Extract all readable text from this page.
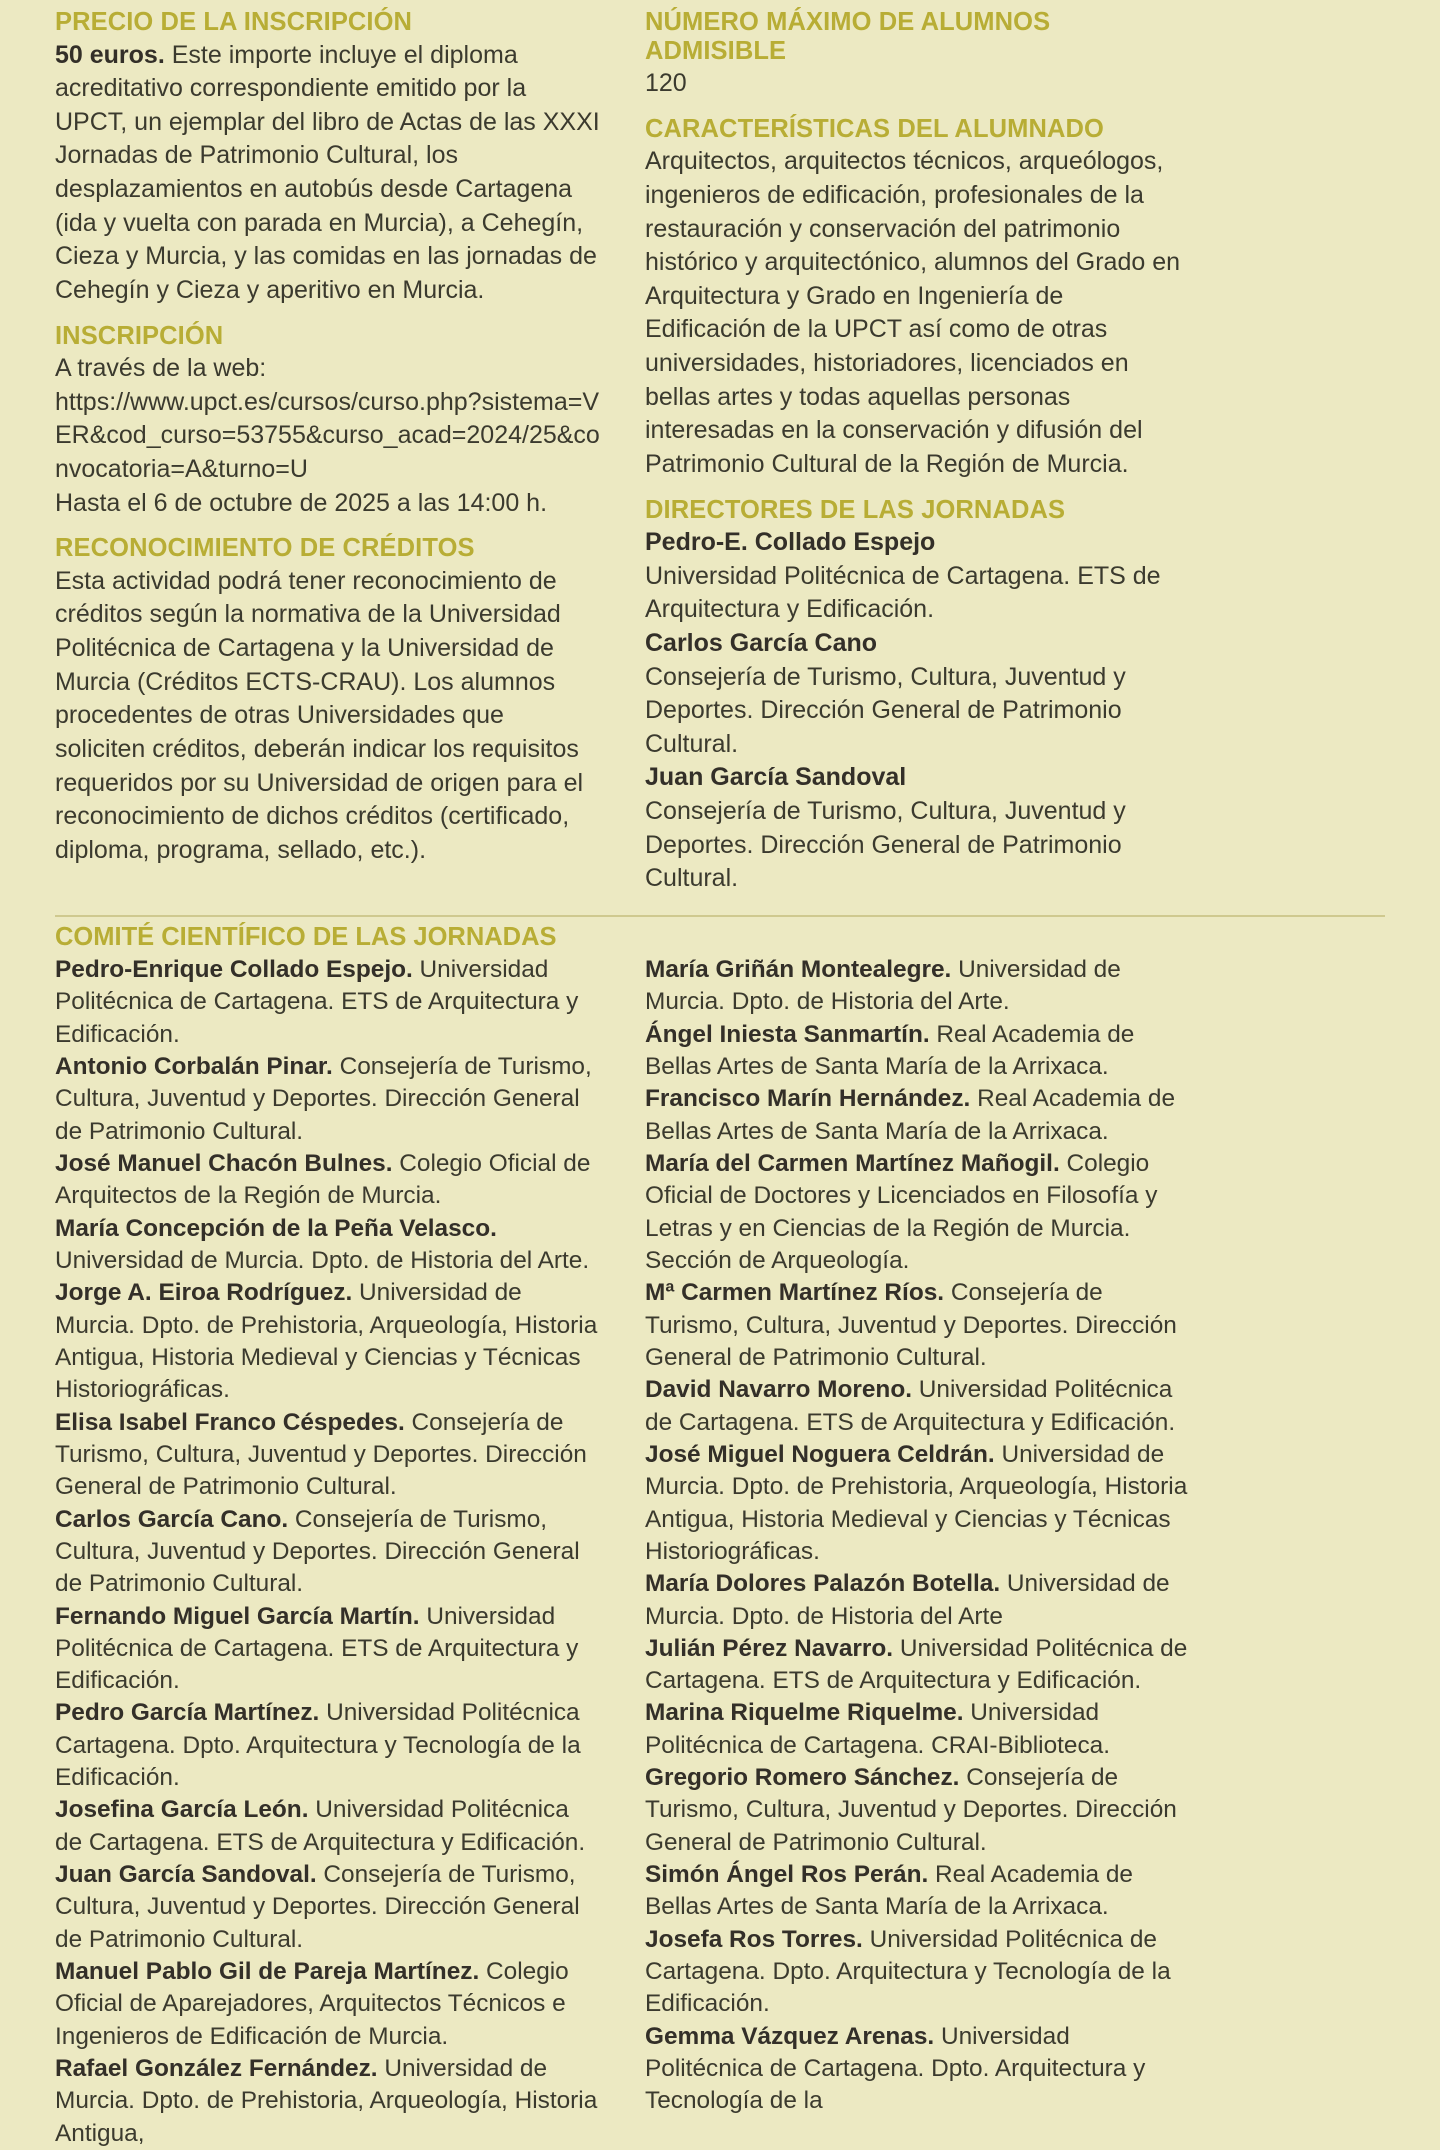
PRECIO DE LA INSCRIPCIÓN

50 euros. Este importe incluye el diploma acreditativo correspondiente emitido por la UPCT, un ejemplar del libro de Actas de las XXXI Jornadas de Patrimonio Cultural, los desplazamientos en autobús desde Cartagena (ida y vuelta con parada en Murcia), a Cehegín, Cieza y Murcia, y las comidas en las jornadas de Cehegín y Cieza y aperitivo en Murcia.

INSCRIPCIÓN

A través de la web:

https://www.upct.es/cursos/curso.php?sistema=VER&cod_curso=53755&curso_acad=2024/25&convocatoria=A&turno=U

Hasta el 6 de octubre de 2025 a las 14:00 h.

RECONOCIMIENTO DE CRÉDITOS

Esta actividad podrá tener reconocimiento de créditos según la normativa de la Universidad Politécnica de Cartagena y la Universidad de Murcia (Créditos ECTS-CRAU). Los alumnos procedentes de otras Universidades que soliciten créditos, deberán indicar los requisitos requeridos por su Universidad de origen para el reconocimiento de dichos créditos (certificado, diploma, programa, sellado, etc.).

NÚMERO MÁXIMO DE ALUMNOS ADMISIBLE

120

CARACTERÍSTICAS DEL ALUMNADO

Arquitectos, arquitectos técnicos, arqueólogos, ingenieros de edificación, profesionales de la restauración y conservación del patrimonio histórico y arquitectónico, alumnos del Grado en Arquitectura y Grado en Ingeniería de Edificación de la UPCT así como de otras universidades, historiadores, licenciados en bellas artes y todas aquellas personas interesadas en la conservación y difusión del Patrimonio Cultural de la Región de Murcia.

DIRECTORES DE LAS JORNADAS
Pedro-E. Collado Espejo
Universidad Politécnica de Cartagena. ETS de Arquitectura y Edificación.
Carlos García Cano
Consejería de Turismo, Cultura, Juventud y Deportes. Dirección General de Patrimonio Cultural.
Juan García Sandoval
Consejería de Turismo, Cultura, Juventud y Deportes. Dirección General de Patrimonio Cultural.
COMITÉ CIENTÍFICO DE LAS JORNADAS
Pedro-Enrique Collado Espejo. Universidad Politécnica de Cartagena. ETS de Arquitectura y Edificación.
Antonio Corbalán Pinar. Consejería de Turismo, Cultura, Juventud y Deportes. Dirección General de Patrimonio Cultural.
José Manuel Chacón Bulnes. Colegio Oficial de Arquitectos de la Región de Murcia.
María Concepción de la Peña Velasco. Universidad de Murcia. Dpto. de Historia del Arte.
Jorge A. Eiroa Rodríguez. Universidad de Murcia. Dpto. de Prehistoria, Arqueología, Historia Antigua, Historia Medieval y Ciencias y Técnicas Historiográficas.
Elisa Isabel Franco Céspedes. Consejería de Turismo, Cultura, Juventud y Deportes. Dirección General de Patrimonio Cultural.
Carlos García Cano. Consejería de Turismo, Cultura, Juventud y Deportes. Dirección General de Patrimonio Cultural.
Fernando Miguel García Martín. Universidad Politécnica de Cartagena. ETS de Arquitectura y Edificación.
Pedro García Martínez. Universidad Politécnica Cartagena. Dpto. Arquitectura y Tecnología de la Edificación.
Josefina García León. Universidad Politécnica de Cartagena. ETS de Arquitectura y Edificación.
Juan García Sandoval. Consejería de Turismo, Cultura, Juventud y Deportes. Dirección General de Patrimonio Cultural.
Manuel Pablo Gil de Pareja Martínez. Colegio Oficial de Aparejadores, Arquitectos Técnicos e Ingenieros de Edificación de Murcia.
Rafael González Fernández. Universidad de Murcia. Dpto. de Prehistoria, Arqueología, Historia Antigua,
María Griñán Montealegre. Universidad de Murcia. Dpto. de Historia del Arte.
Ángel Iniesta Sanmartín. Real Academia de Bellas Artes de Santa María de la Arrixaca.
Francisco Marín Hernández. Real Academia de Bellas Artes de Santa María de la Arrixaca.
María del Carmen Martínez Mañogil. Colegio Oficial de Doctores y Licenciados en Filosofía y Letras y en Ciencias de la Región de Murcia. Sección de Arqueología.
Mª Carmen Martínez Ríos. Consejería de Turismo, Cultura, Juventud y Deportes. Dirección General de Patrimonio Cultural.
David Navarro Moreno. Universidad Politécnica de Cartagena. ETS de Arquitectura y Edificación.
José Miguel Noguera Celdrán. Universidad de Murcia. Dpto. de Prehistoria, Arqueología, Historia Antigua, Historia Medieval y Ciencias y Técnicas Historiográficas.
María Dolores Palazón Botella. Universidad de Murcia. Dpto. de Historia del Arte
Julián Pérez Navarro. Universidad Politécnica de Cartagena. ETS de Arquitectura y Edificación.
Marina Riquelme Riquelme. Universidad Politécnica de Cartagena. CRAI-Biblioteca.
Gregorio Romero Sánchez. Consejería de Turismo, Cultura, Juventud y Deportes. Dirección General de Patrimonio Cultural.
Simón Ángel Ros Perán. Real Academia de Bellas Artes de Santa María de la Arrixaca.
Josefa Ros Torres. Universidad Politécnica de Cartagena. Dpto. Arquitectura y Tecnología de la Edificación.
Gemma Vázquez Arenas. Universidad Politécnica de Cartagena. Dpto. Arquitectura y Tecnología de la
